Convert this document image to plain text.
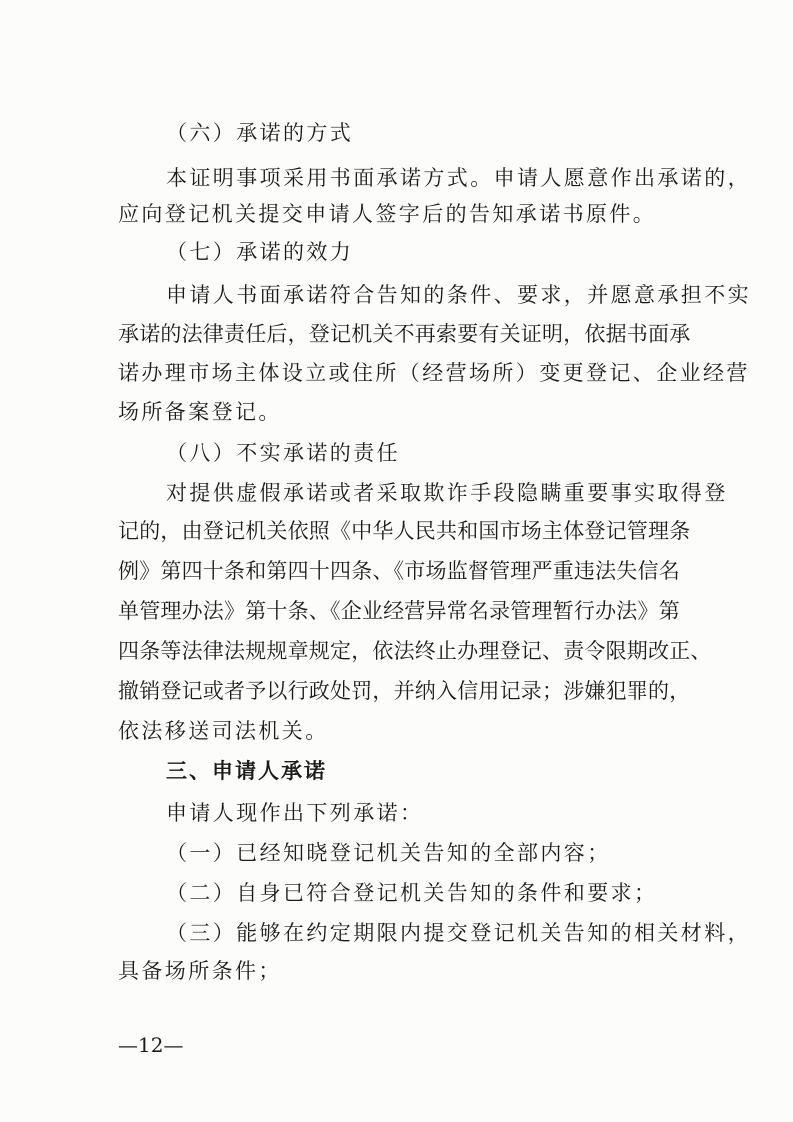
（六）承诺的方式
本证明事项采用书面承诺方式。申请人愿意作出承诺的，
应向登记机关提交申请人签字后的告知承诺书原件。
（七）承诺的效力
申请人书面承诺符合告知的条件、要求，并愿意承担不实
承诺的法律责任后，登记机关不再索要有关证明，依据书面承
诺办理市场主体设立或住所（经营场所）变更登记、企业经营
场所备案登记。
（八）不实承诺的责任
对提供虚假承诺或者采取欺诈手段隐瞒重要事实取得登
记的，由登记机关依照《中华人民共和国市场主体登记管理条
例》第四十条和第四十四条、《市场监督管理严重违法失信名
单管理办法》第十条、《企业经营异常名录管理暂行办法》第
四条等法律法规规章规定，依法终止办理登记、责令限期改正、
撤销登记或者予以行政处罚，并纳入信用记录；涉嫌犯罪的，
依法移送司法机关。
三、申请人承诺
申请人现作出下列承诺：
（一）已经知晓登记机关告知的全部内容；
（二）自身已符合登记机关告知的条件和要求；
（三）能够在约定期限内提交登记机关告知的相关材料，
具备场所条件；
—12—
